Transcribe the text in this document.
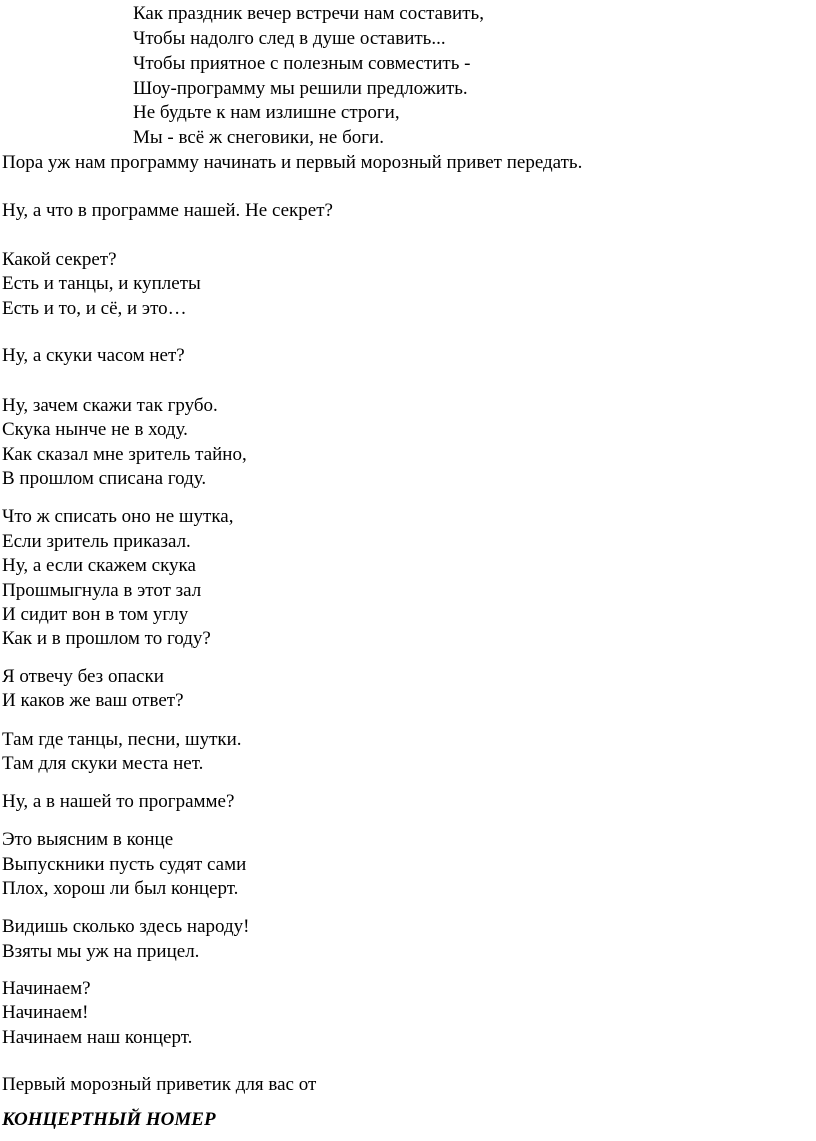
Как праздник вечер встречи нам составить,
Чтобы надолго след в душе оставить...
Чтобы приятное с полезным совместить -
Шоу-программу мы решили предложить.
Не будьте к нам излишне строги,
Мы - всё ж снеговики, не боги.
Пора уж нам программу начинать и первый морозный привет передать.
Ну, а что в программе нашей. Не секрет?
Какой секрет?
Есть и танцы, и куплеты
Есть и то, и сё, и это…
Ну, а скуки часом нет?
Ну, зачем скажи так грубо.
Скука нынче не в ходу.
Как сказал мне зритель тайно,
В прошлом списана году.
Что ж списать оно не шутка,
Если зритель приказал.
Ну, а если скажем скука
Прошмыгнула в этот зал
И сидит вон в том углу
Как и в прошлом то году?
Я отвечу без опаски
И каков же ваш ответ?
Там где танцы, песни, шутки.
Там для скуки места нет.
Ну, а в нашей то программе?
Это выясним в конце
Выпускники пусть судят сами
Плох, хорош ли был концерт.
Видишь сколько здесь народу!
Взяты мы уж на прицел.
Начинаем?
Начинаем!
Начинаем наш концерт.
Первый морозный приветик для вас от
КОНЦЕРТНЫЙ НОМЕР
